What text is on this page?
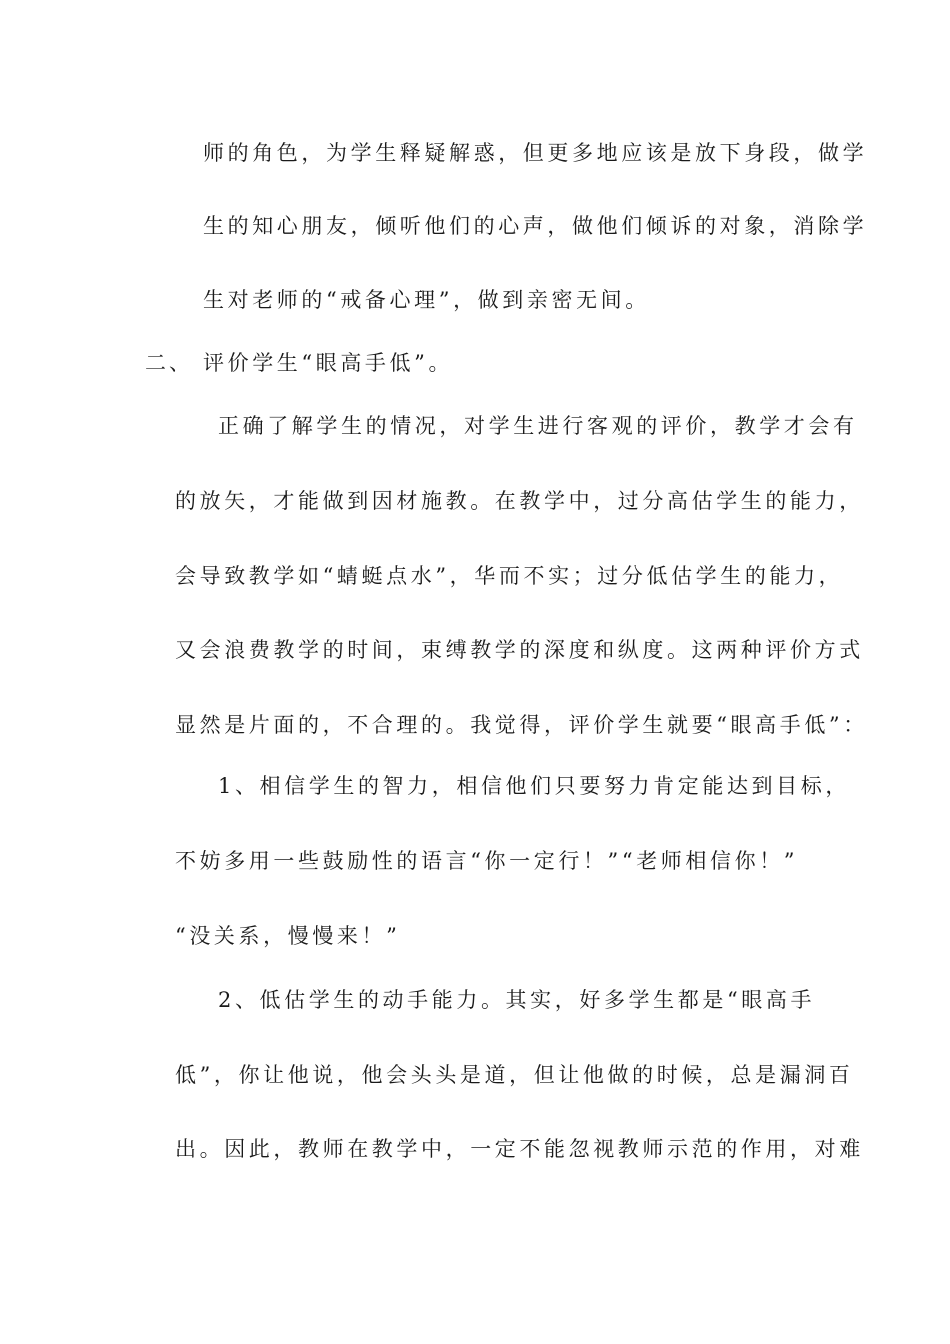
师的角色，为学生释疑解惑，但更多地应该是放下身段，做学
生的知心朋友，倾听他们的心声，做他们倾诉的对象，消除学
生对老师的“戒备心理”，做到亲密无间。
二、 评价学生“眼高手低”。
正确了解学生的情况，对学生进行客观的评价，教学才会有
的放矢，才能做到因材施教。在教学中，过分高估学生的能力，
会导致教学如“蜻蜓点水”，华而不实；过分低估学生的能力，
又会浪费教学的时间，束缚教学的深度和纵度。这两种评价方式
显然是片面的，不合理的。我觉得，评价学生就要“眼高手低”：
1、相信学生的智力，相信他们只要努力肯定能达到目标，
不妨多用一些鼓励性的语言“你一定行！”“老师相信你！”
“没关系，慢慢来！”
2、低估学生的动手能力。其实，好多学生都是“眼高手
低”，你让他说，他会头头是道，但让他做的时候，总是漏洞百
出。因此，教师在教学中，一定不能忽视教师示范的作用，对难
